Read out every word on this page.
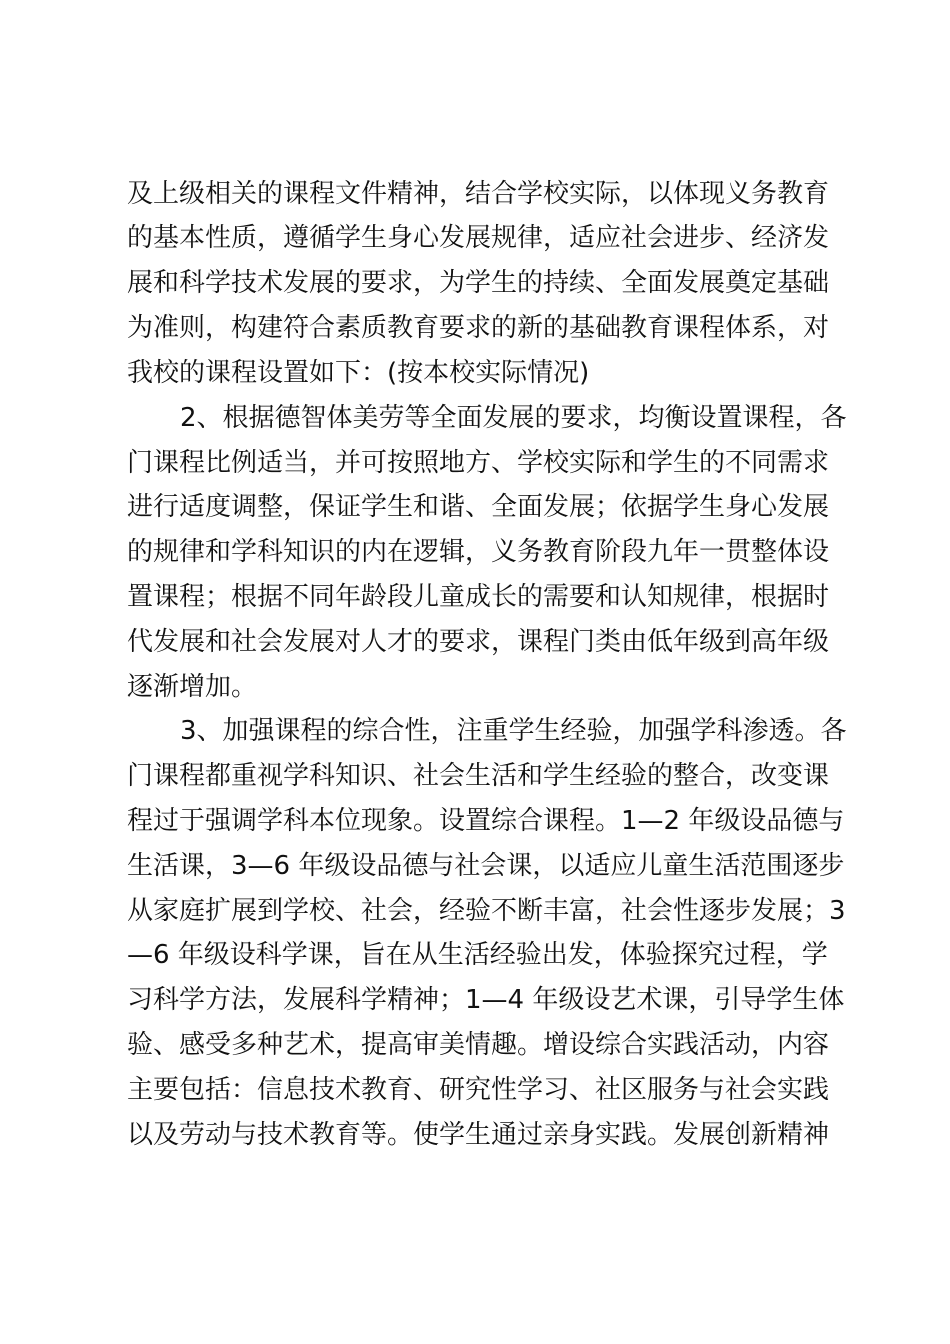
及上级相关的课程文件精神，结合学校实际，以体现义务教育
的基本性质，遵循学生身心发展规律，适应社会进步、经济发
展和科学技术发展的要求，为学生的持续、全面发展奠定基础
为准则，构建符合素质教育要求的新的基础教育课程体系，对
我校的课程设置如下：(按本校实际情况)
2、根据德智体美劳等全面发展的要求，均衡设置课程，各
门课程比例适当，并可按照地方、学校实际和学生的不同需求
进行适度调整，保证学生和谐、全面发展；依据学生身心发展
的规律和学科知识的内在逻辑，义务教育阶段九年一贯整体设
置课程；根据不同年龄段儿童成长的需要和认知规律，根据时
代发展和社会发展对人才的要求，课程门类由低年级到高年级
逐渐增加。
3、加强课程的综合性，注重学生经验，加强学科渗透。各
门课程都重视学科知识、社会生活和学生经验的整合，改变课
程过于强调学科本位现象。设置综合课程。1—2 年级设品德与
生活课，3—6 年级设品德与社会课，以适应儿童生活范围逐步
从家庭扩展到学校、社会，经验不断丰富，社会性逐步发展；3
—6 年级设科学课，旨在从生活经验出发，体验探究过程，学
习科学方法，发展科学精神；1—4 年级设艺术课，引导学生体
验、感受多种艺术，提高审美情趣。增设综合实践活动，内容
主要包括：信息技术教育、研究性学习、社区服务与社会实践
以及劳动与技术教育等。使学生通过亲身实践。发展创新精神
